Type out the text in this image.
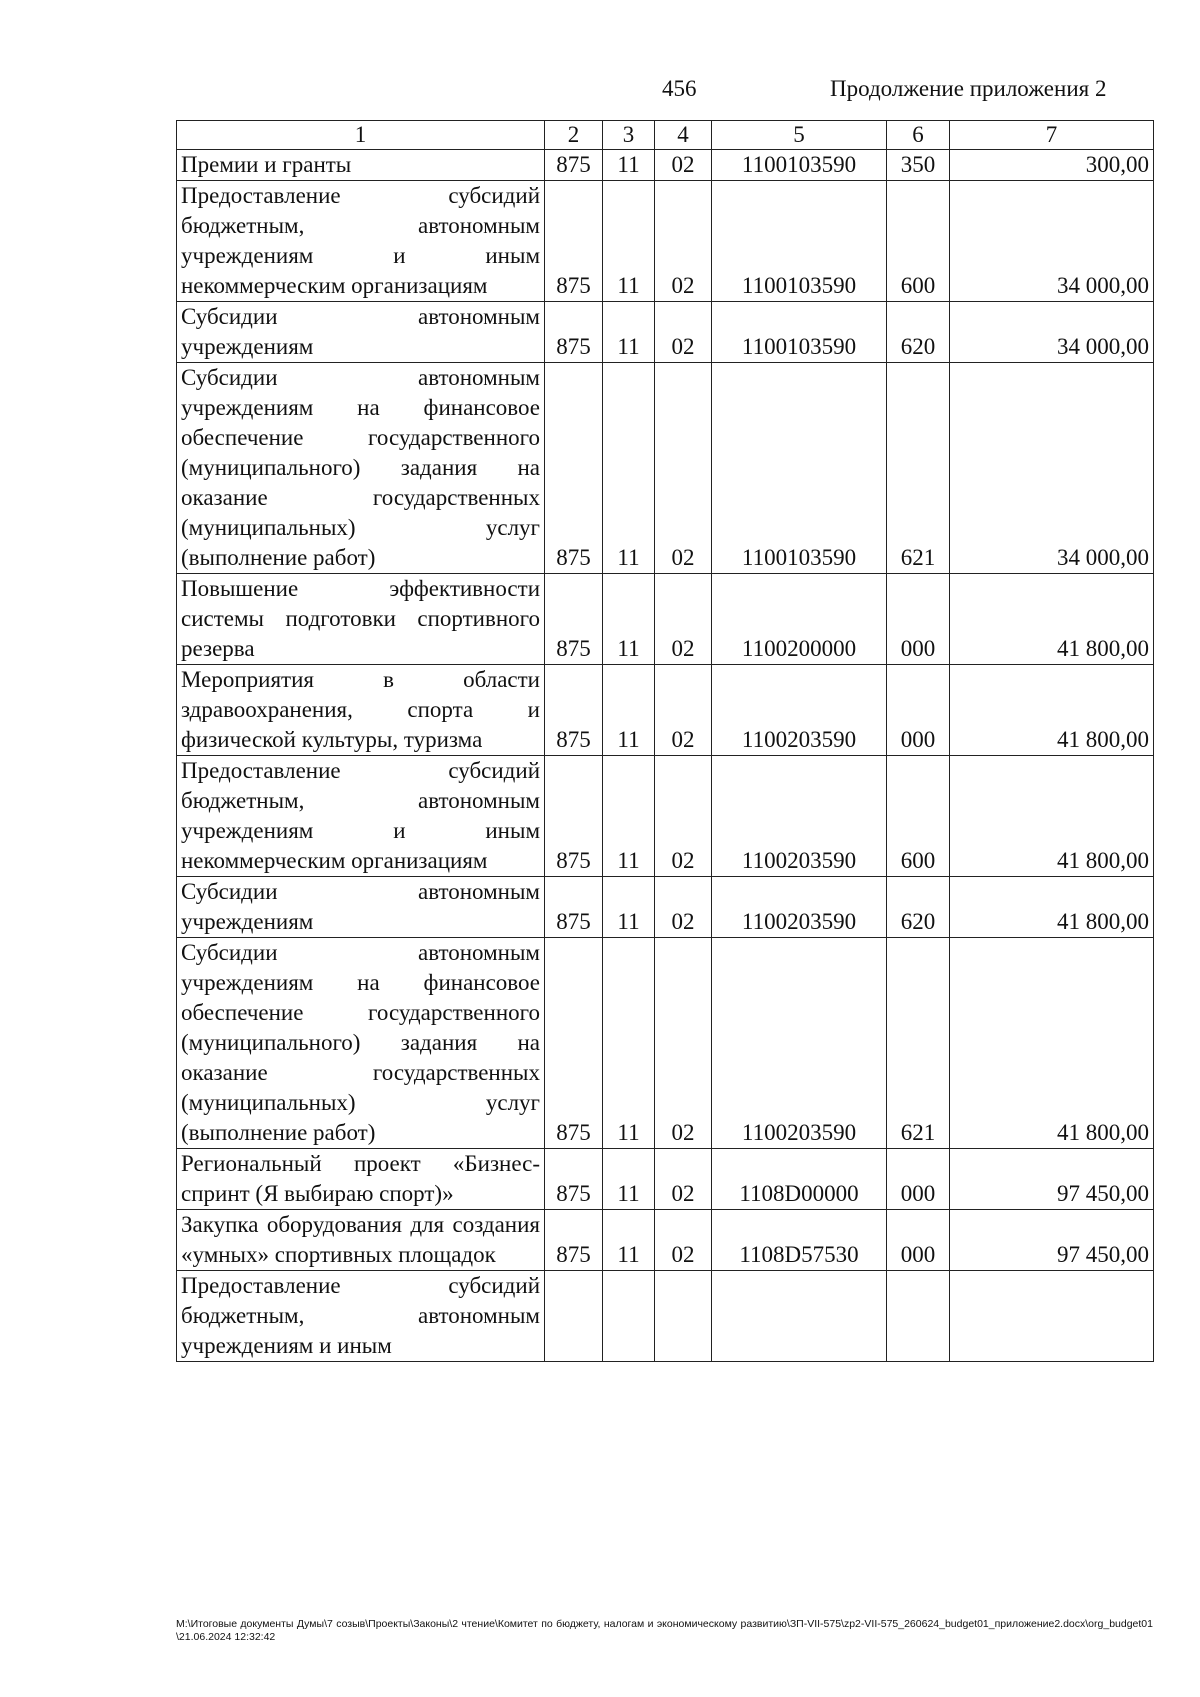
456	Продолжение приложения 2
1	2	3	4	5	6	7
Премии и гранты	875	11	02	1100103590	350	300,00
Предоставление субсидий бюджетным, автономным учреждениям и иным некоммерческим организациям	875	11	02	1100103590	600	34 000,00
Субсидии автономным учреждениям	875	11	02	1100103590	620	34 000,00
Субсидии автономным учреждениям на финансовое обеспечение государственного (муниципального) задания на оказание государственных (муниципальных) услуг (выполнение работ)	875	11	02	1100103590	621	34 000,00
Повышение эффективности системы подготовки спортивного резерва	875	11	02	1100200000	000	41 800,00
Мероприятия в области здравоохранения, спорта и физической культуры, туризма	875	11	02	1100203590	000	41 800,00
Предоставление субсидий бюджетным, автономным учреждениям и иным некоммерческим организациям	875	11	02	1100203590	600	41 800,00
Субсидии автономным учреждениям	875	11	02	1100203590	620	41 800,00
Субсидии автономным учреждениям на финансовое обеспечение государственного (муниципального) задания на оказание государственных (муниципальных) услуг (выполнение работ)	875	11	02	1100203590	621	41 800,00
Региональный проект «Бизнес-спринт (Я выбираю спорт)»	875	11	02	1108D00000	000	97 450,00
Закупка оборудования для создания «умных» спортивных площадок	875	11	02	1108D57530	000	97 450,00
Предоставление субсидий бюджетным, автономным учреждениям и иным						
M:\Итоговые документы Думы\7 созыв\Проекты\Законы\2 чтение\Комитет по бюджету, налогам и экономическому развитию\ЗП-VII-575\zp2-VII-575_260624_budget01_приложение2.docx\org_budget01\21.06.2024 12:32:42
